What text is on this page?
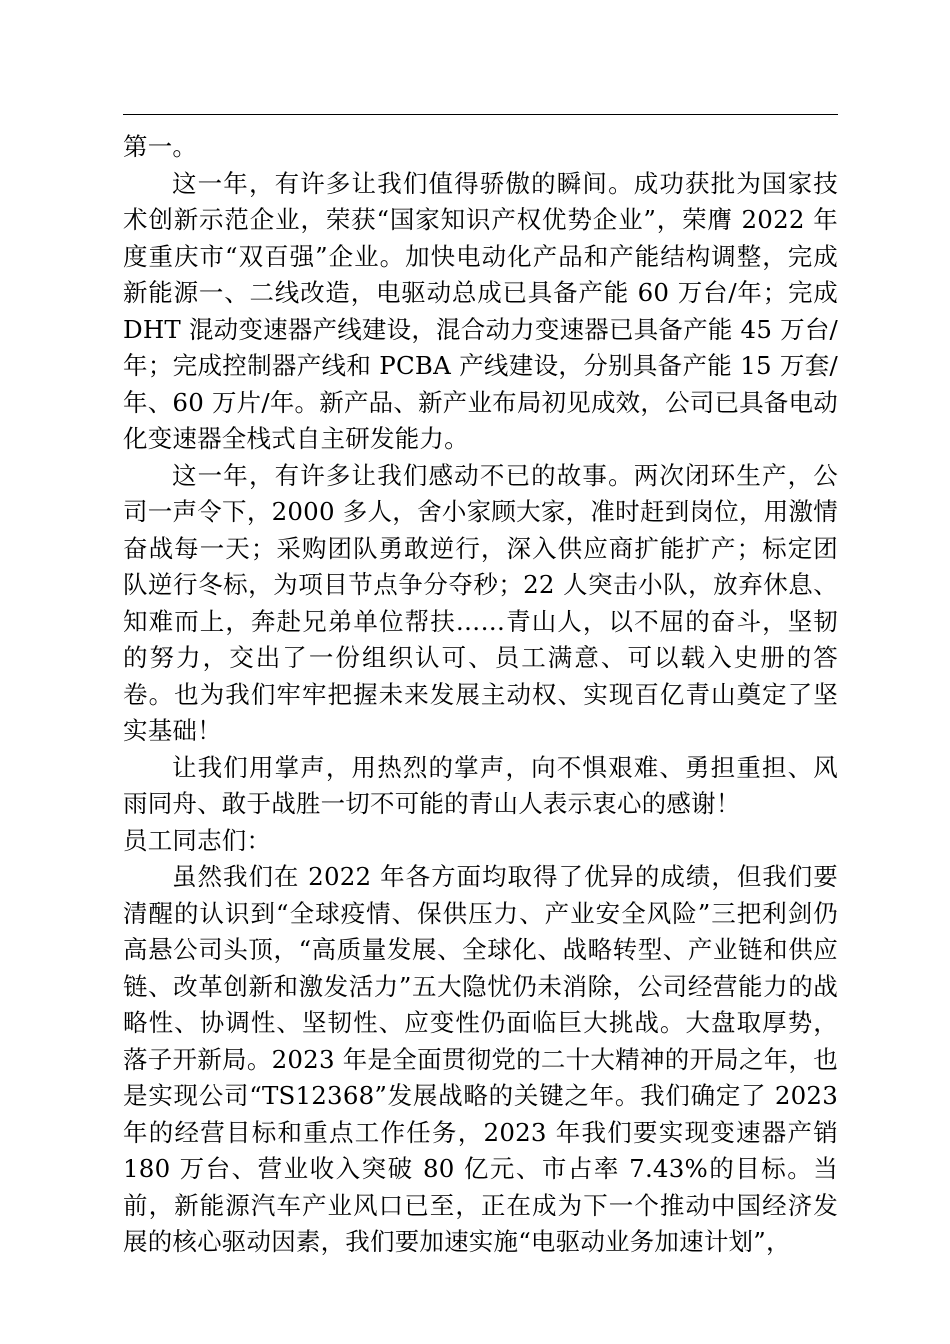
第一。

这一年，有许多让我们值得骄傲的瞬间。成功获批为国家技术创新示范企业，荣获“国家知识产权优势企业”，荣膺 2022 年度重庆市“双百强”企业。加快电动化产品和产能结构调整，完成新能源一、二线改造，电驱动总成已具备产能 60 万台/年；完成 DHT 混动变速器产线建设，混合动力变速器已具备产能 45 万台/年；完成控制器产线和 PCBA 产线建设，分别具备产能 15 万套/年、60 万片/年。新产品、新产业布局初见成效，公司已具备电动化变速器全栈式自主研发能力。

这一年，有许多让我们感动不已的故事。两次闭环生产，公司一声令下，2000 多人，舍小家顾大家，准时赶到岗位，用激情奋战每一天；采购团队勇敢逆行，深入供应商扩能扩产；标定团队逆行冬标，为项目节点争分夺秒；22 人突击小队，放弃休息、知难而上，奔赴兄弟单位帮扶……青山人，以不屈的奋斗，坚韧的努力，交出了一份组织认可、员工满意、可以载入史册的答卷。也为我们牢牢把握未来发展主动权、实现百亿青山奠定了坚实基础！

让我们用掌声，用热烈的掌声，向不惧艰难、勇担重担、风雨同舟、敢于战胜一切不可能的青山人表示衷心的感谢！

员工同志们：

虽然我们在 2022 年各方面均取得了优异的成绩，但我们要清醒的认识到“全球疫情、保供压力、产业安全风险”三把利剑仍高悬公司头顶，“高质量发展、全球化、战略转型、产业链和供应链、改革创新和激发活力”五大隐忧仍未消除，公司经营能力的战略性、协调性、坚韧性、应变性仍面临巨大挑战。大盘取厚势，落子开新局。2023 年是全面贯彻党的二十大精神的开局之年，也是实现公司“TS12368”发展战略的关键之年。我们确定了 2023 年的经营目标和重点工作任务，2023 年我们要实现变速器产销 180 万台、营业收入突破 80 亿元、市占率 7.43%的目标。当前，新能源汽车产业风口已至，正在成为下一个推动中国经济发展的核心驱动因素，我们要加速实施“电驱动业务加速计划”，
